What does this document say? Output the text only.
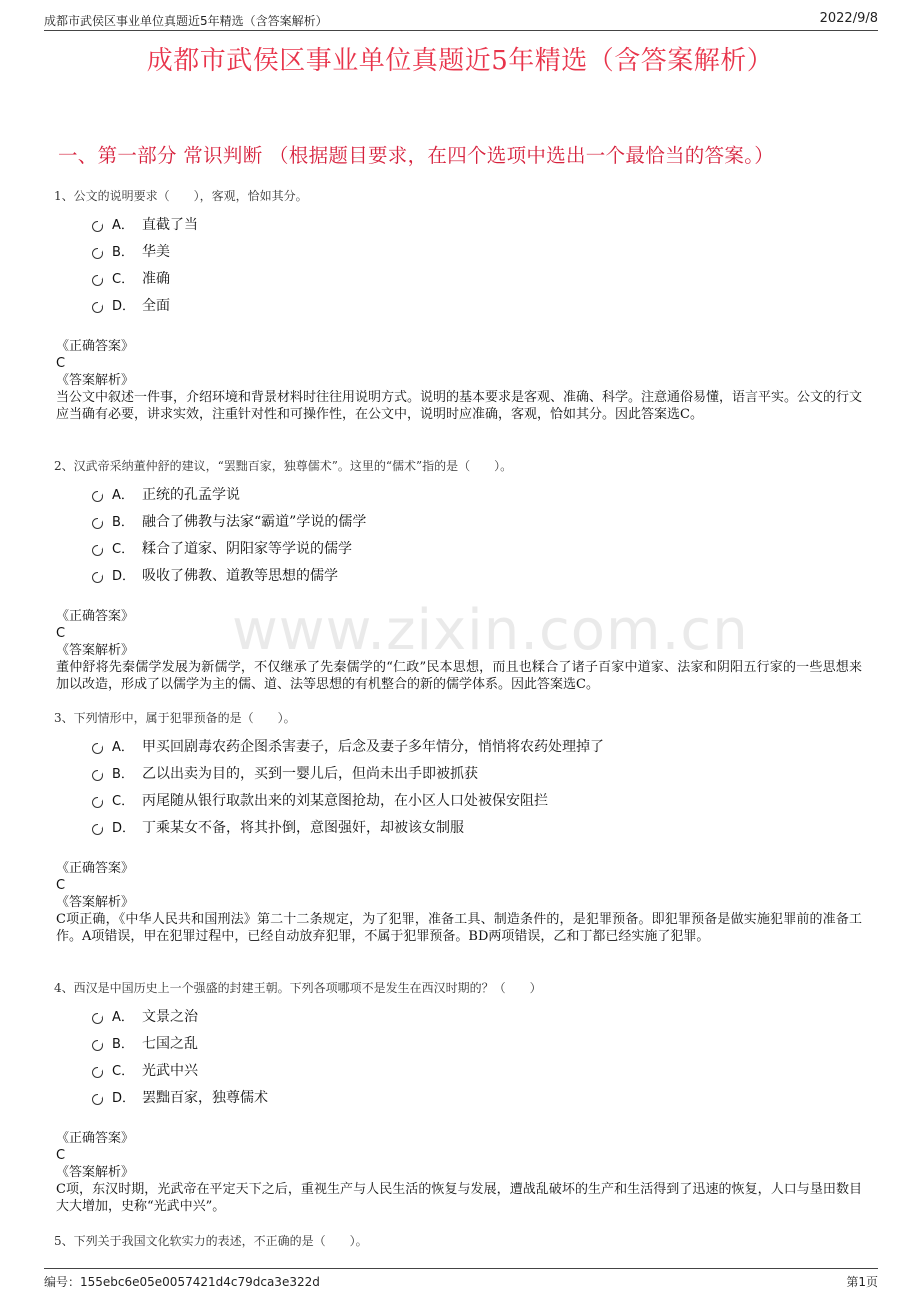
成都市武侯区事业单位真题近5年精选（含答案解析）	2022/9/8
成都市武侯区事业单位真题近5年精选（含答案解析）
一、第一部分 常识判断 （根据题目要求，在四个选项中选出一个最恰当的答案。）
1、公文的说明要求（　　），客观，恰如其分。
A． 直截了当
B． 华美
C． 准确
D． 全面
《正确答案》
C
《答案解析》
当公文中叙述一件事，介绍环境和背景材料时往往用说明方式。说明的基本要求是客观、准确、科学。注意通俗易懂，语言平实。公文的行文应当确有必要，讲求实效，注重针对性和可操作性，在公文中，说明时应准确，客观，恰如其分。因此答案选C。
2、汉武帝采纳董仲舒的建议，“罢黜百家，独尊儒术”。这里的“儒术”指的是（　　）。
A． 正统的孔孟学说
B． 融合了佛教与法家“霸道”学说的儒学
C． 糅合了道家、阴阳家等学说的儒学
D． 吸收了佛教、道教等思想的儒学
《正确答案》
C
《答案解析》
董仲舒将先秦儒学发展为新儒学，不仅继承了先秦儒学的“仁政”民本思想，而且也糅合了诸子百家中道家、法家和阴阳五行家的一些思想来加以改造，形成了以儒学为主的儒、道、法等思想的有机整合的新的儒学体系。因此答案选C。
3、下列情形中，属于犯罪预备的是（　　）。
A． 甲买回剧毒农药企图杀害妻子，后念及妻子多年情分，悄悄将农药处理掉了
B． 乙以出卖为目的，买到一婴儿后，但尚未出手即被抓获
C． 丙尾随从银行取款出来的刘某意图抢劫，在小区人口处被保安阻拦
D． 丁乘某女不备，将其扑倒，意图强奸，却被该女制服
《正确答案》
C
《答案解析》
C项正确，《中华人民共和国刑法》第二十二条规定，为了犯罪，准备工具、制造条件的，是犯罪预备。即犯罪预备是做实施犯罪前的准备工作。A项错误，甲在犯罪过程中，已经自动放弃犯罪，不属于犯罪预备。BD两项错误，乙和丁都已经实施了犯罪。
4、西汉是中国历史上一个强盛的封建王朝。下列各项哪项不是发生在西汉时期的？（　　）
A． 文景之治
B． 七国之乱
C． 光武中兴
D． 罢黜百家，独尊儒术
《正确答案》
C
《答案解析》
C项，东汉时期，光武帝在平定天下之后，重视生产与人民生活的恢复与发展，遭战乱破坏的生产和生活得到了迅速的恢复，人口与垦田数目大大增加，史称“光武中兴”。
5、下列关于我国文化软实力的表述，不正确的是（　　）。
www.zixin.com.cn
编号：155ebc6e05e0057421d4c79dca3e322d	第1页
